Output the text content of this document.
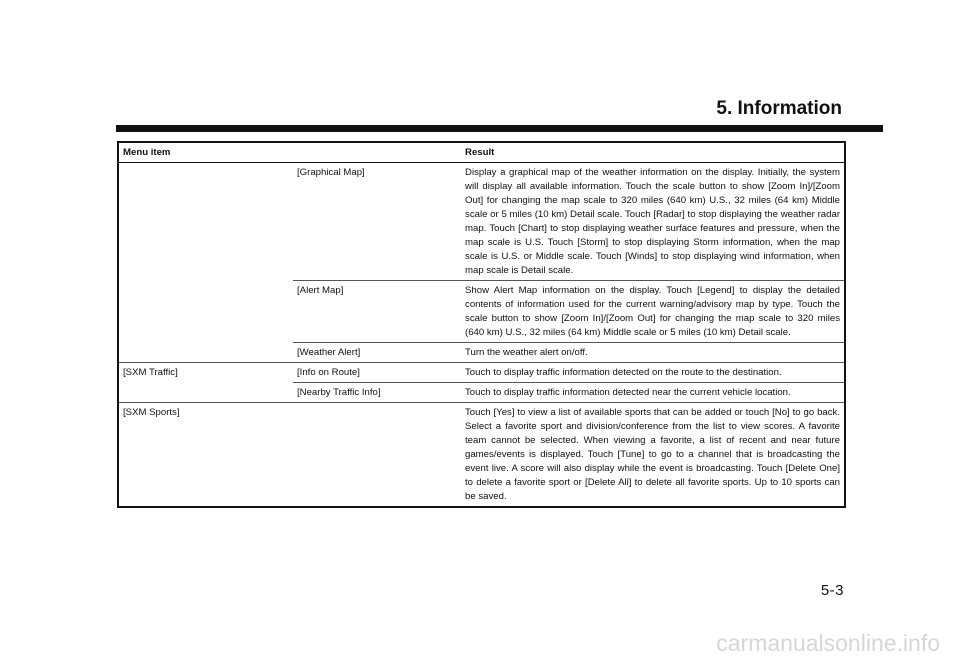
5. Information
Menu item		Result
	[Graphical Map]	Display a graphical map of the weather information on the display. Initially, the system will display all available information. Touch the scale button to show [Zoom In]/[Zoom Out] for changing the map scale to 320 miles (640 km) U.S., 32 miles (64 km) Middle scale or 5 miles (10 km) Detail scale. Touch [Radar] to stop displaying the weather radar map. Touch [Chart] to stop displaying weather surface features and pressure, when the map scale is U.S. Touch [Storm] to stop displaying Storm information, when the map scale is U.S. or Middle scale. Touch [Winds] to stop displaying wind information, when map scale is Detail scale.
	[Alert Map]	Show Alert Map information on the display. Touch [Legend] to display the detailed contents of information used for the current warning/advisory map by type. Touch the scale button to show [Zoom In]/[Zoom Out] for changing the map scale to 320 miles (640 km) U.S., 32 miles (64 km) Middle scale or 5 miles (10 km) Detail scale.
	[Weather Alert]	Turn the weather alert on/off.
[SXM Traffic]	[Info on Route]	Touch to display traffic information detected on the route to the destination.
	[Nearby Traffic Info]	Touch to display traffic information detected near the current vehicle location.
[SXM Sports]		Touch [Yes] to view a list of available sports that can be added or touch [No] to go back. Select a favorite sport and division/conference from the list to view scores. A favorite team cannot be selected. When viewing a favorite, a list of recent and near future games/events is displayed. Touch [Tune] to go to a channel that is broadcasting the event live. A score will also display while the event is broadcasting. Touch [Delete One] to delete a favorite sport or [Delete All] to delete all favorite sports. Up to 10 sports can be saved.
5-3
carmanualsonline.info
